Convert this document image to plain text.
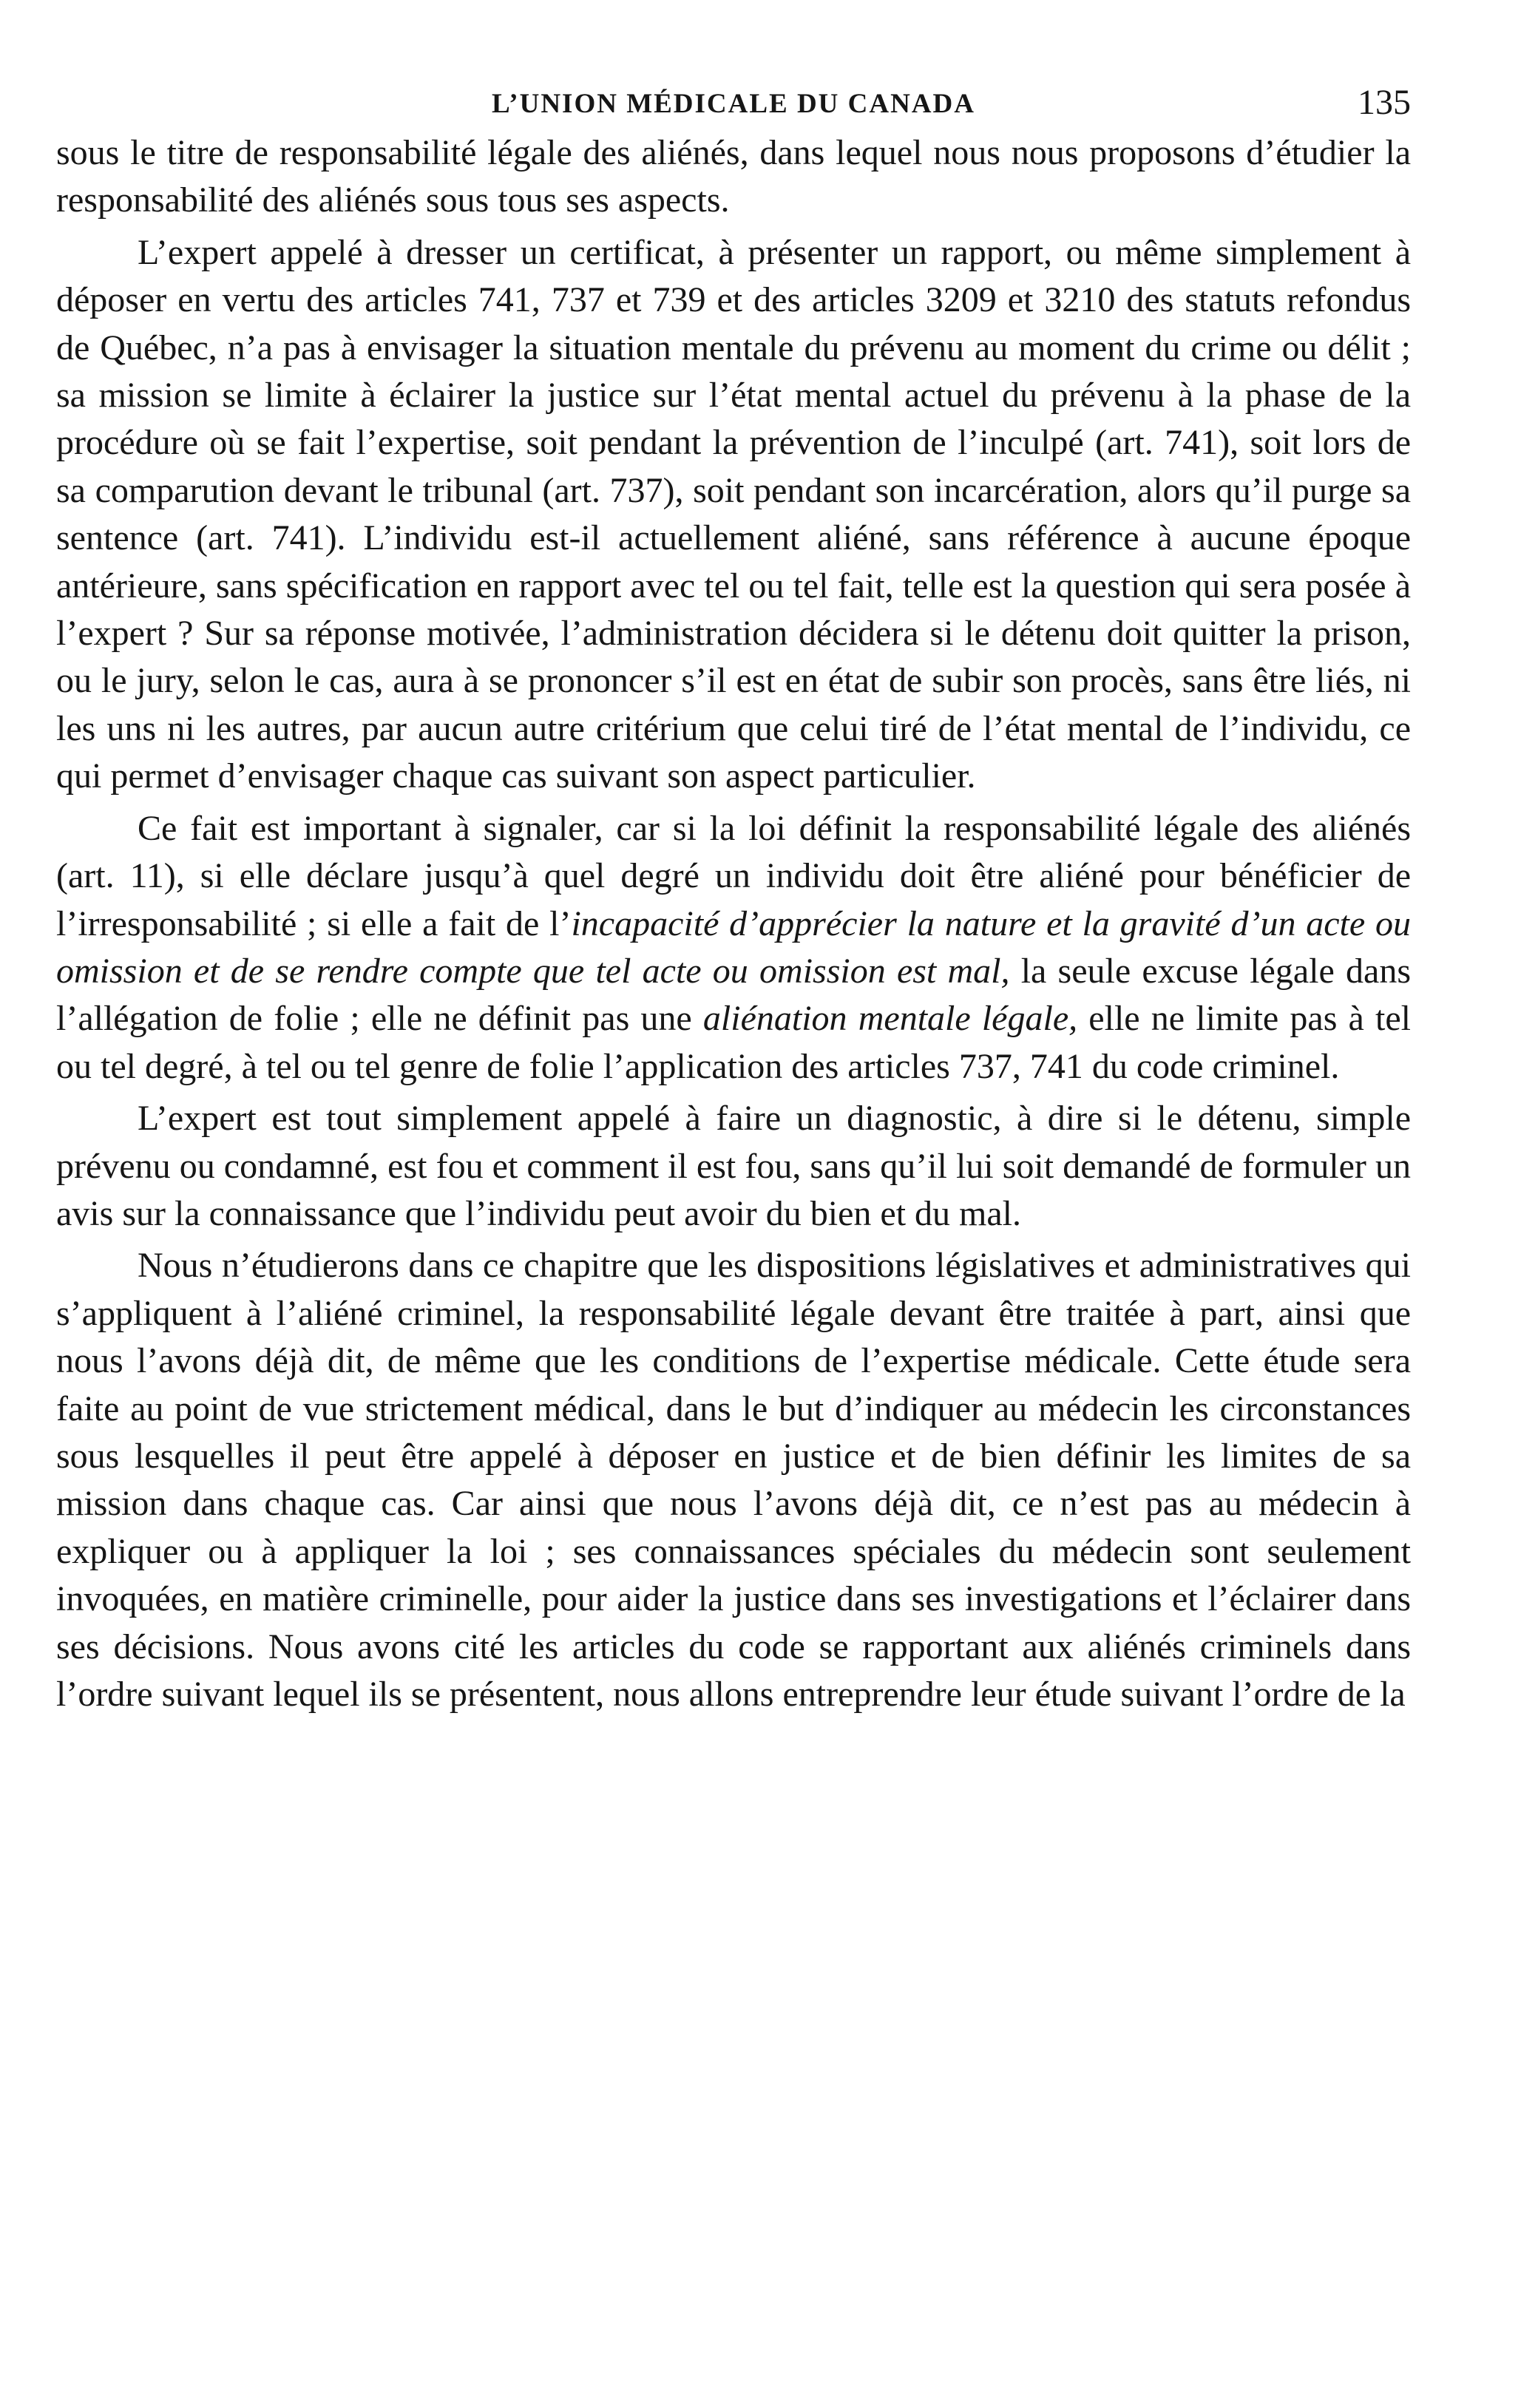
L’UNION MÉDICALE DU CANADA	135

sous le titre de responsabilité légale des aliénés, dans lequel nous nous proposons d’étudier la responsabilité des aliénés sous tous ses aspects.

L’expert appelé à dresser un certificat, à présenter un rapport, ou même simplement à déposer en vertu des articles 741, 737 et 739 et des articles 3209 et 3210 des statuts refondus de Québec, n’a pas à envisager la situation mentale du prévenu au moment du crime ou délit ; sa mission se limite à éclairer la justice sur l’état mental actuel du prévenu à la phase de la procédure où se fait l’expertise, soit pendant la prévention de l’inculpé (art. 741), soit lors de sa comparution devant le tribunal (art. 737), soit pendant son incarcération, alors qu’il purge sa sentence (art. 741). L’individu est-il actuellement aliéné, sans référence à aucune époque antérieure, sans spécification en rapport avec tel ou tel fait, telle est la question qui sera posée à l’expert ? Sur sa réponse motivée, l’administration décidera si le détenu doit quitter la prison, ou le jury, selon le cas, aura à se prononcer s’il est en état de subir son procès, sans être liés, ni les uns ni les autres, par aucun autre critérium que celui tiré de l’état mental de l’individu, ce qui permet d’envisager chaque cas suivant son aspect particulier.

Ce fait est important à signaler, car si la loi définit la responsabilité légale des aliénés (art. 11), si elle déclare jusqu’à quel degré un individu doit être aliéné pour bénéficier de l’irresponsabilité ; si elle a fait de l’incapacité d’apprécier la nature et la gravité d’un acte ou omission et de se rendre compte que tel acte ou omission est mal, la seule excuse légale dans l’allégation de folie ; elle ne définit pas une aliénation mentale légale, elle ne limite pas à tel ou tel degré, à tel ou tel genre de folie l’application des articles 737, 741 du code criminel.

L’expert est tout simplement appelé à faire un diagnostic, à dire si le détenu, simple prévenu ou condamné, est fou et comment il est fou, sans qu’il lui soit demandé de formuler un avis sur la connaissance que l’individu peut avoir du bien et du mal.

Nous n’étudierons dans ce chapitre que les dispositions législatives et administratives qui s’appliquent à l’aliéné criminel, la responsabilité légale devant être traitée à part, ainsi que nous l’avons déjà dit, de même que les conditions de l’expertise médicale. Cette étude sera faite au point de vue strictement médical, dans le but d’indiquer au médecin les circonstances sous lesquelles il peut être appelé à déposer en justice et de bien définir les limites de sa mission dans chaque cas. Car ainsi que nous l’avons déjà dit, ce n’est pas au médecin à expliquer ou à appliquer la loi ; ses connaissances spéciales du médecin sont seulement invoquées, en matière criminelle, pour aider la justice dans ses investigations et l’éclairer dans ses décisions. Nous avons cité les articles du code se rapportant aux aliénés criminels dans l’ordre suivant lequel ils se présentent, nous allons entreprendre leur étude suivant l’ordre de la
